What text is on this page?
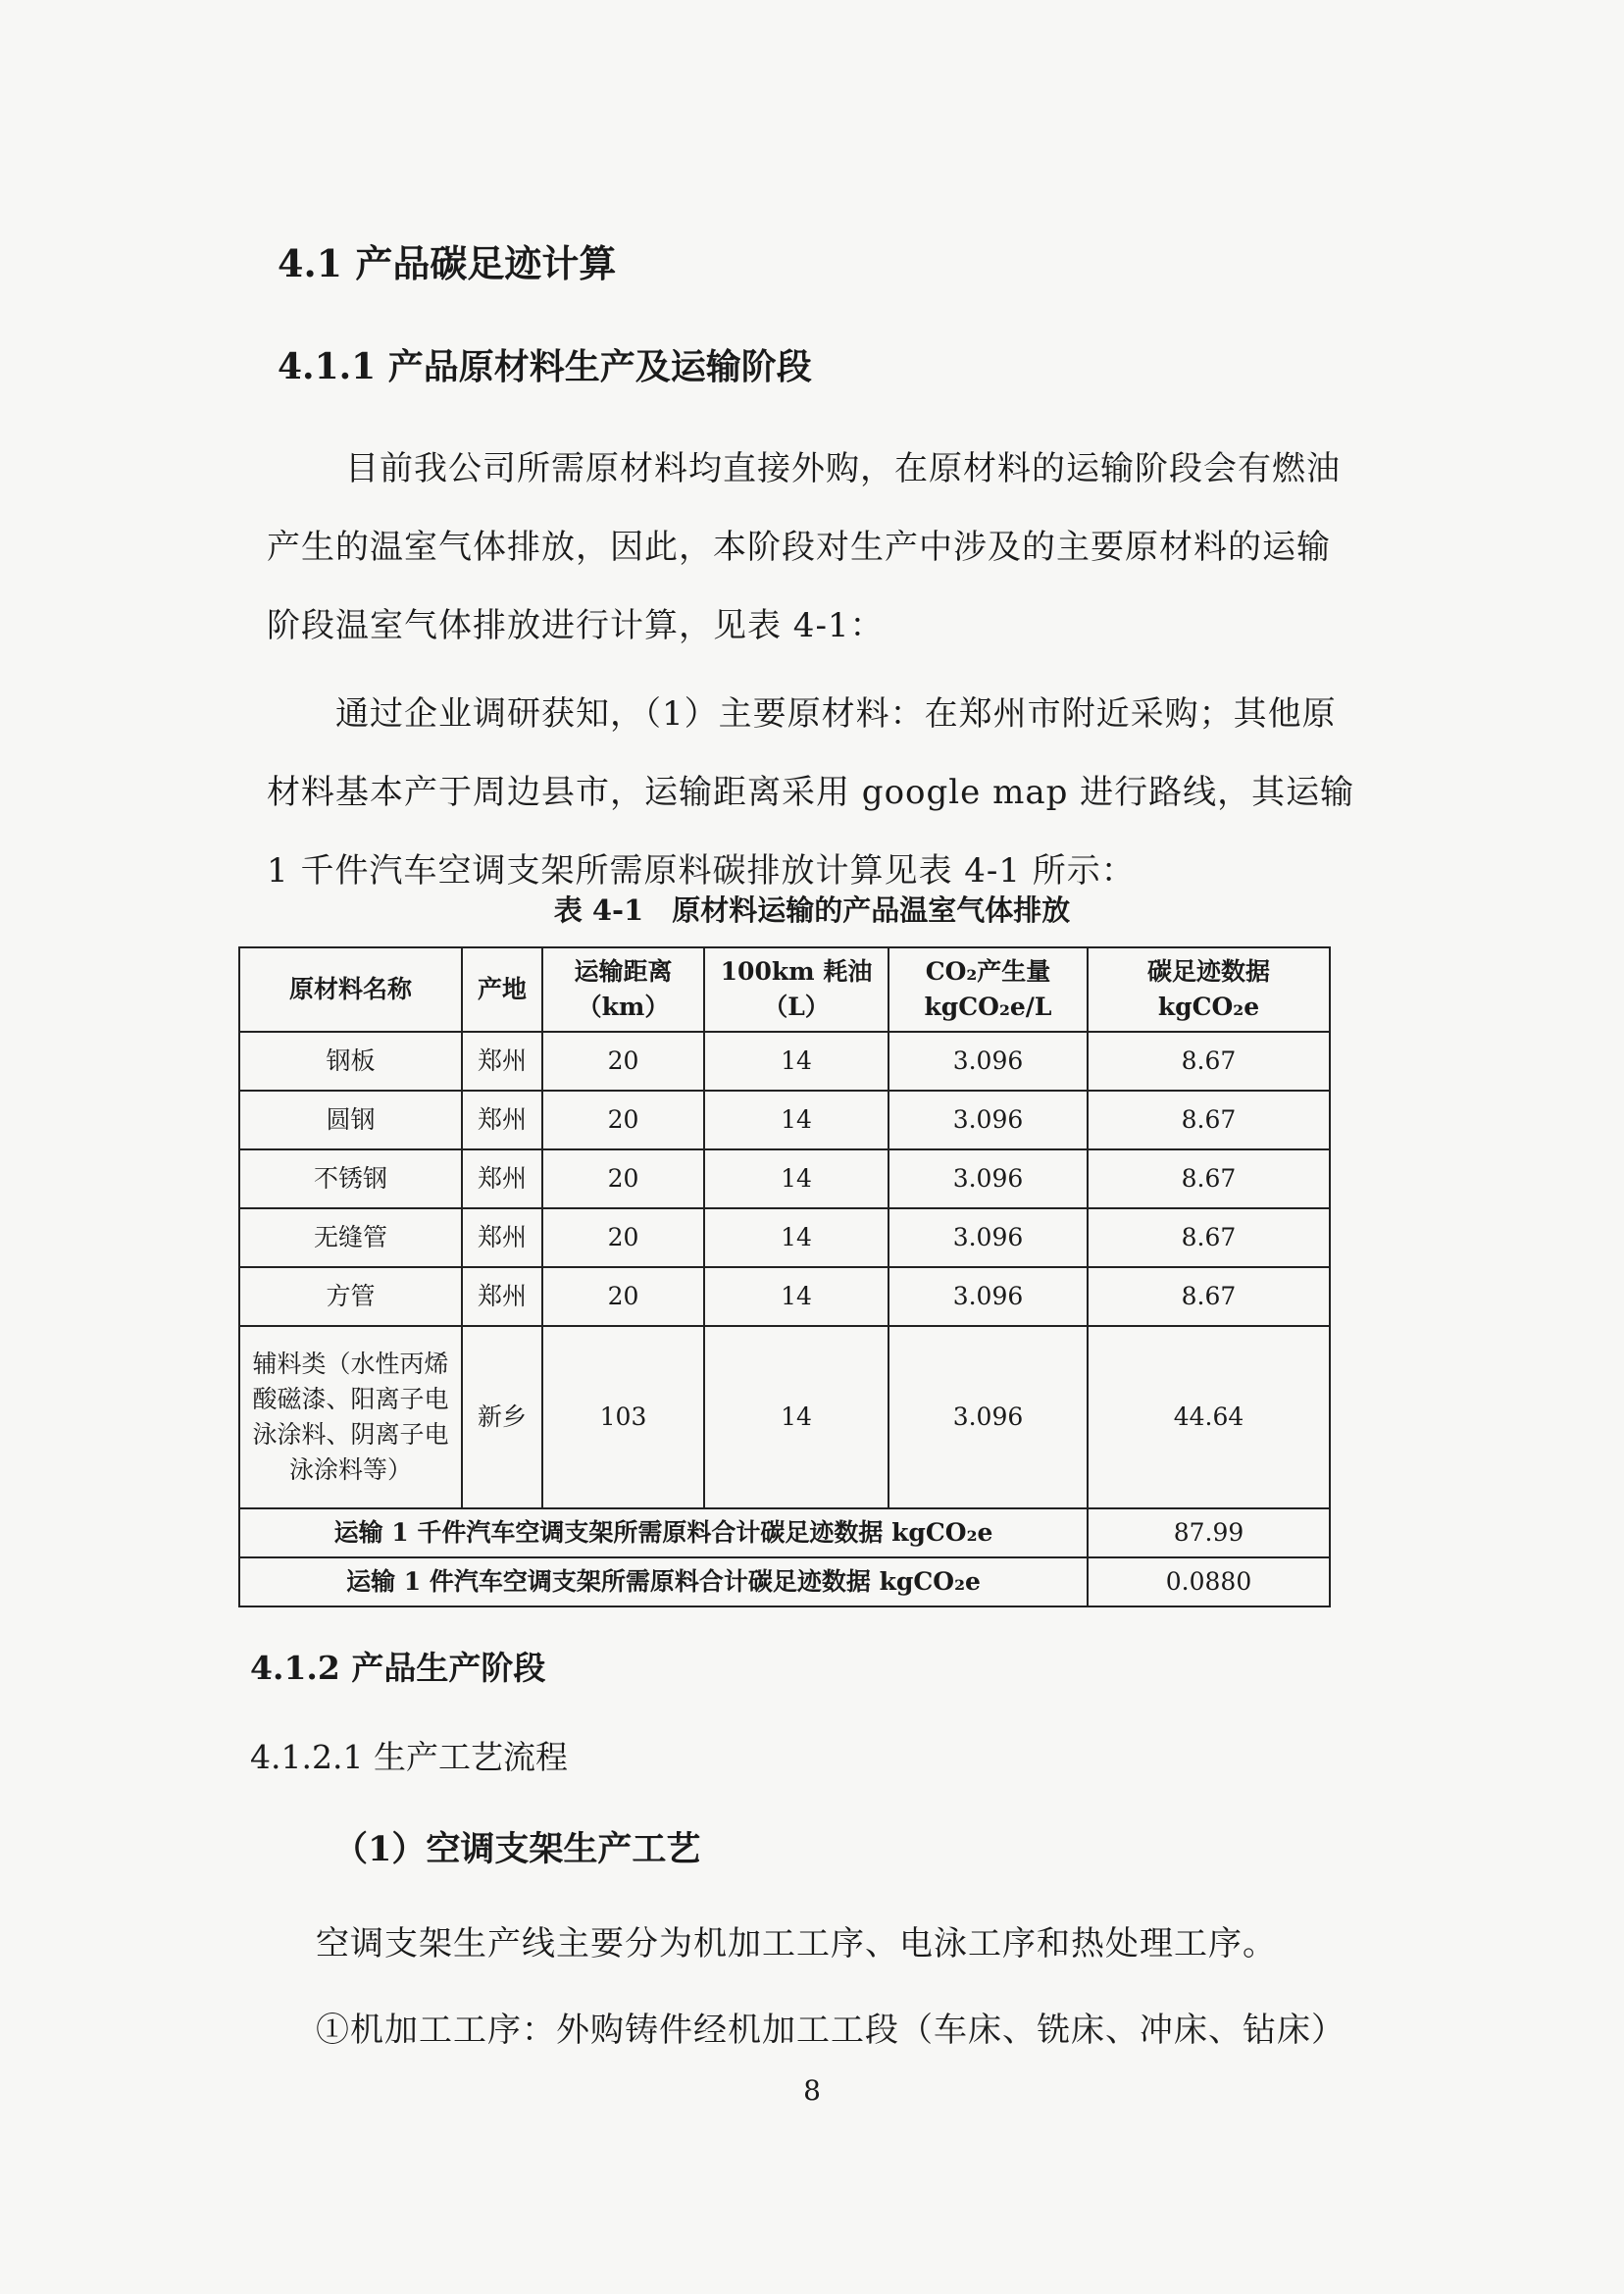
4.1 产品碳足迹计算
4.1.1 产品原材料生产及运输阶段
目前我公司所需原材料均直接外购，在原材料的运输阶段会有燃油产生的温室气体排放，因此，本阶段对生产中涉及的主要原材料的运输阶段温室气体排放进行计算，见表 4-1：
通过企业调研获知，（1）主要原材料：在郑州市附近采购；其他原材料基本产于周边县市，运输距离采用 google map 进行路线，其运输 1 千件汽车空调支架所需原料碳排放计算见表 4-1 所示：
表 4-1　原材料运输的产品温室气体排放
原材料名称	产地	运输距离（km）	100km 耗油（L）	CO₂产生量 kgCO₂e/L	碳足迹数据 kgCO₂e
钢板	郑州	20	14	3.096	8.67
圆钢	郑州	20	14	3.096	8.67
不锈钢	郑州	20	14	3.096	8.67
无缝管	郑州	20	14	3.096	8.67
方管	郑州	20	14	3.096	8.67
辅料类（水性丙烯酸磁漆、阳离子电泳涂料、阴离子电泳涂料等）	新乡	103	14	3.096	44.64
运输 1 千件汽车空调支架所需原料合计碳足迹数据 kgCO₂e					87.99
运输 1 件汽车空调支架所需原料合计碳足迹数据 kgCO₂e					0.0880
4.1.2 产品生产阶段
4.1.2.1 生产工艺流程
（1）空调支架生产工艺
空调支架生产线主要分为机加工工序、电泳工序和热处理工序。
①机加工工序：外购铸件经机加工工段（车床、铣床、冲床、钻床）
8
